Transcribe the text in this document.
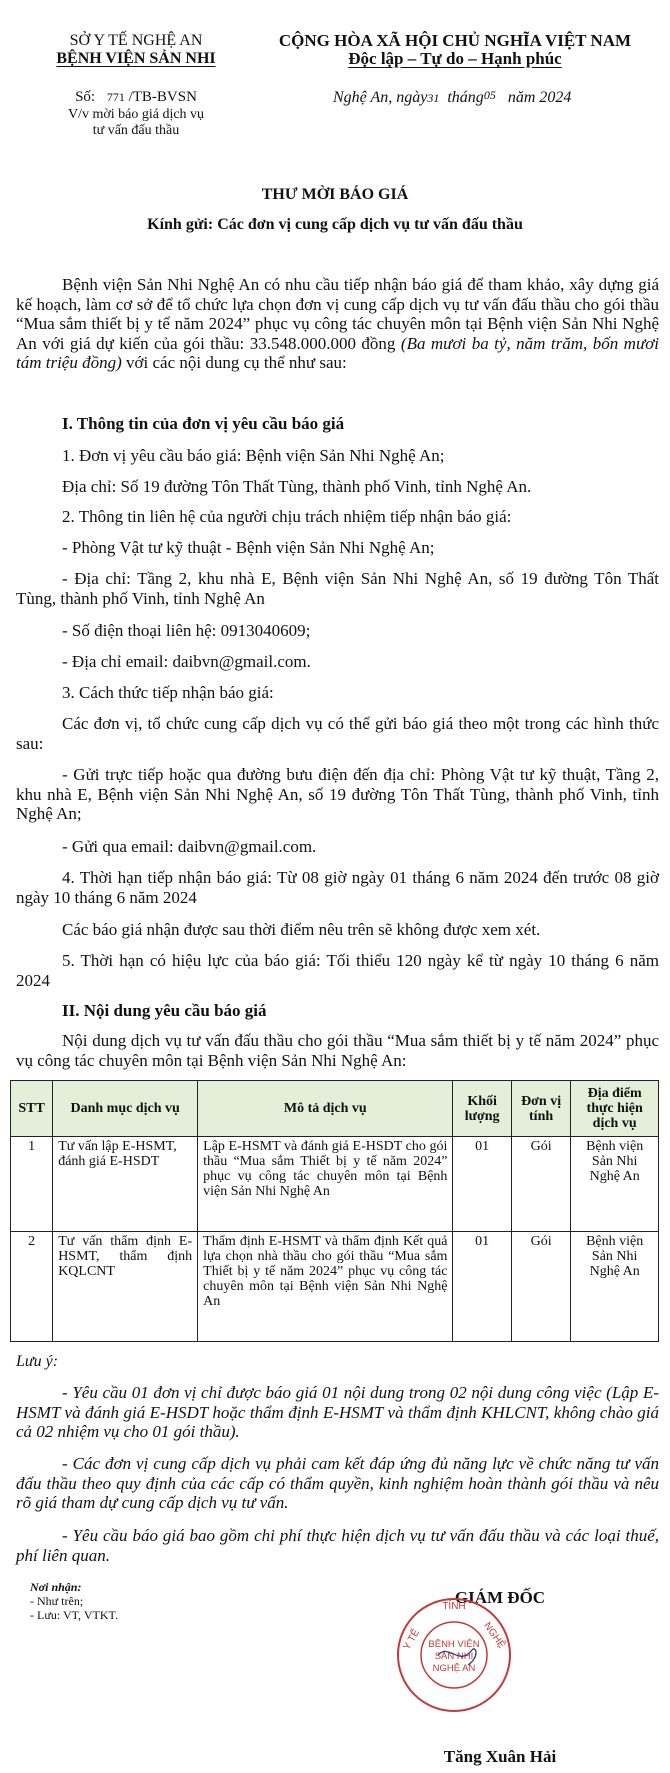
SỞ Y TẾ NGHỆ AN
BỆNH VIỆN SẢN NHI
Số: 771 /TB-BVSN
V/v mời báo giá dịch vụ
tư vấn đấu thầu
CỘNG HÒA XÃ HỘI CHỦ NGHĨA VIỆT NAM
Độc lập – Tự do – Hạnh phúc
Nghệ An, ngày31 tháng05 năm 2024
THƯ MỜI BÁO GIÁ
Kính gửi: Các đơn vị cung cấp dịch vụ tư vấn đấu thầu
Bệnh viện Sản Nhi Nghệ An có nhu cầu tiếp nhận báo giá để tham khảo, xây dựng giá kế hoạch, làm cơ sở để tổ chức lựa chọn đơn vị cung cấp dịch vụ tư vấn đấu thầu cho gói thầu “Mua sắm thiết bị y tế năm 2024” phục vụ công tác chuyên môn tại Bệnh viện Sản Nhi Nghệ An với giá dự kiến của gói thầu: 33.548.000.000 đồng (Ba mươi ba tỷ, năm trăm, bốn mươi tám triệu đồng) với các nội dung cụ thể như sau:
I. Thông tin của đơn vị yêu cầu báo giá
1. Đơn vị yêu cầu báo giá: Bệnh viện Sản Nhi Nghệ An;
Địa chỉ: Số 19 đường Tôn Thất Tùng, thành phố Vinh, tỉnh Nghệ An.
2. Thông tin liên hệ của người chịu trách nhiệm tiếp nhận báo giá:
- Phòng Vật tư kỹ thuật - Bệnh viện Sản Nhi Nghệ An;
- Địa chỉ: Tầng 2, khu nhà E, Bệnh viện Sản Nhi Nghệ An, số 19 đường Tôn Thất Tùng, thành phố Vinh, tỉnh Nghệ An
- Số điện thoại liên hệ: 0913040609;
- Địa chỉ email: daibvn@gmail.com.
3. Cách thức tiếp nhận báo giá:
Các đơn vị, tổ chức cung cấp dịch vụ có thể gửi báo giá theo một trong các hình thức sau:
- Gửi trực tiếp hoặc qua đường bưu điện đến địa chỉ: Phòng Vật tư kỹ thuật, Tầng 2, khu nhà E, Bệnh viện Sản Nhi Nghệ An, số 19 đường Tôn Thất Tùng, thành phố Vinh, tỉnh Nghệ An;
- Gửi qua email: daibvn@gmail.com.
4. Thời hạn tiếp nhận báo giá: Từ 08 giờ ngày 01 tháng 6 năm 2024 đến trước 08 giờ ngày 10 tháng 6 năm 2024
Các báo giá nhận được sau thời điểm nêu trên sẽ không được xem xét.
5. Thời hạn có hiệu lực của báo giá: Tối thiểu 120 ngày kể từ ngày 10 tháng 6 năm 2024
II. Nội dung yêu cầu báo giá
Nội dung dịch vụ tư vấn đấu thầu cho gói thầu “Mua sắm thiết bị y tế năm 2024” phục vụ công tác chuyên môn tại Bệnh viện Sản Nhi Nghệ An:
STT	Danh mục dịch vụ	Mô tả dịch vụ	Khối lượng	Đơn vị tính	Địa điểm thực hiện dịch vụ
1	Tư vấn lập E-HSMT, đánh giá E-HSDT	Lập E-HSMT và đánh giá E-HSDT cho gói thầu “Mua sắm Thiết bị y tế năm 2024” phục vụ công tác chuyên môn tại Bệnh viện Sản Nhi Nghệ An	01	Gói	Bệnh viện Sản Nhi Nghệ An
2	Tư vấn thẩm định E-HSMT, thẩm định KQLCNT	Thẩm định E-HSMT và thẩm định Kết quả lựa chọn nhà thầu cho gói thầu “Mua sắm Thiết bị y tế năm 2024” phục vụ công tác chuyên môn tại Bệnh viện Sản Nhi Nghệ An	01	Gói	Bệnh viện Sản Nhi Nghệ An
Lưu ý:
- Yêu cầu 01 đơn vị chỉ được báo giá 01 nội dung trong 02 nội dung công việc (Lập E-HSMT và đánh giá E-HSDT hoặc thẩm định E-HSMT và thẩm định KHLCNT, không chào giá cả 02 nhiệm vụ cho 01 gói thầu).
- Các đơn vị cung cấp dịch vụ phải cam kết đáp ứng đủ năng lực về chức năng tư vấn đấu thầu theo quy định của các cấp có thẩm quyền, kinh nghiệm hoàn thành gói thầu và nêu rõ giá tham dự cung cấp dịch vụ tư vấn.
- Yêu cầu báo giá bao gồm chi phí thực hiện dịch vụ tư vấn đấu thầu và các loại thuế, phí liên quan.
Nơi nhận:
- Như trên;
- Lưu: VT, VTKT.
GIÁM ĐỐC
TỈNH
NGHỆ
Y TẾ BỆNH VIỆN
SẢN NHI
NGHỆ AN
Tăng Xuân Hải
